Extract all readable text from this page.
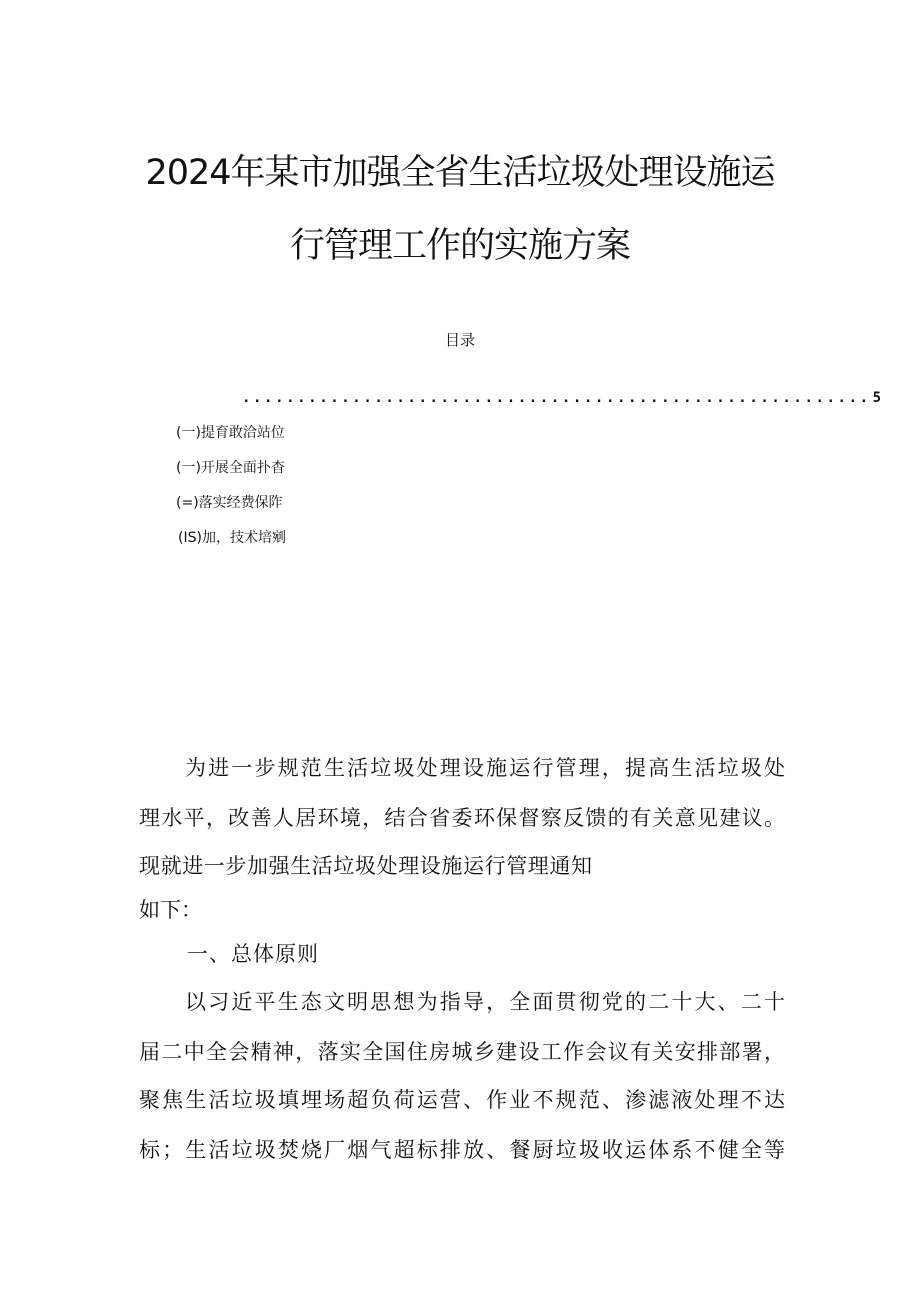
2024年某市加强全省生活垃圾处理设施运
行管理工作的实施方案
目录
......................................................... 5
(一)提育敢洽站位
(一)开展全面扑杳
(=)落实经费保阼
(IS)加，技术培剜
为进一步规范生活垃圾处理设施运行管理，提高生活垃圾处
理水平，改善人居环境，结合省委环保督察反馈的有关意见建议。
现就进一步加强生活垃圾处理设施运行管理通知
如下：
一、总体原则
以习近平生态文明思想为指导，全面贯彻党的二十大、二十
届二中全会精神，落实全国住房城乡建设工作会议有关安排部署，
聚焦生活垃圾填埋场超负荷运营、作业不规范、渗滤液处理不达
标；生活垃圾焚烧厂烟气超标排放、餐厨垃圾收运体系不健全等
